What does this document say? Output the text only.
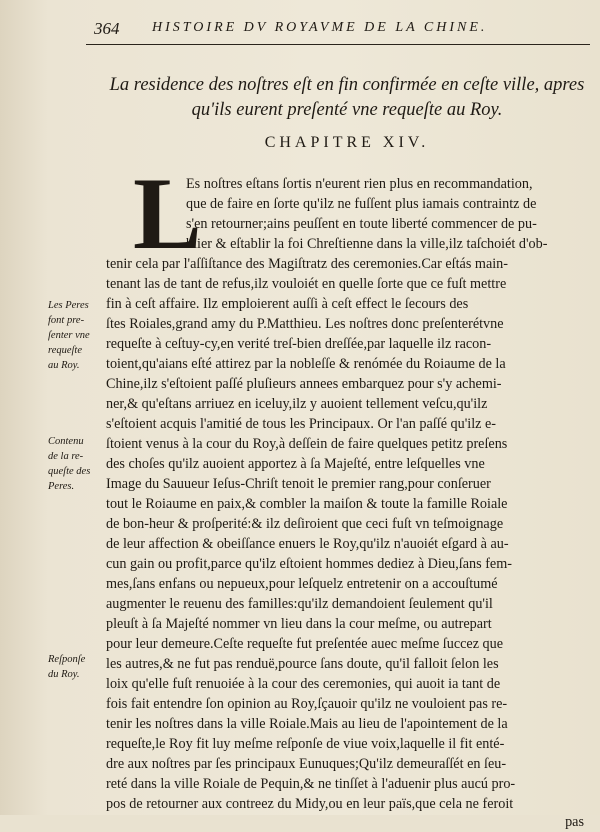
364 HISTOIRE DV ROYAVME DE LA CHINE.
La residence des noſtres eſt en fin confirmée en ceſte ville, apres
qu'ils eurent preſenté vne requeſte au Roy.
CHAPITRE XIV.
L
Es noſtres eſtans ſortis n'eurent rien plus en recommandation,
que de faire en ſorte qu'ilz ne fuſſent plus iamais contraintz de
s'en retourner;ains peuſſent en toute liberté commencer de pu-
blier & eſtablir la foi Chreſtienne dans la ville,ilz taſchoiét d'ob-
tenir cela par l'aſſiſtance des Magiſtratz des ceremonies.Car eſtás main-
tenant las de tant de refus,ilz vouloiét en quelle ſorte que ce fuſt mettre
fin à ceſt affaire. Ilz emploierent auſſi à ceſt effect le ſecours des
ſtes Roiales,grand amy du P.Matthieu. Les noſtres donc preſenterétvne
requeſte à ceſtuy-cy,en verité treſ-bien dreſſée,par laquelle ilz racon-
toient,qu'aians eſté attirez par la nobleſſe & renómée du Roiaume de la
Chine,ilz s'eſtoient paſſé pluſieurs annees embarquez pour s'y achemi-
ner,& qu'eſtans arriuez en iceluy,ilz y auoient tellement veſcu,qu'ilz
s'eſtoient acquis l'amitié de tous les Principaux. Or l'an paſſé qu'ilz e-
ſtoient venus à la cour du Roy,à deſſein de faire quelques petitz preſens
des choſes qu'ilz auoient apportez à ſa Majeſté, entre leſquelles vne
Image du Sauueur Ieſus-Chriſt tenoit le premier rang,pour conſeruer
tout le Roiaume en paix,& combler la maiſon & toute la famille Roiale
de bon-heur & proſperité:& ilz deſiroient que ceci fuſt vn teſmoignage
de leur affection & obeiſſance enuers le Roy,qu'ilz n'auoiét eſgard à au-
cun gain ou profit,parce qu'ilz eſtoient hommes dediez à Dieu,ſans fem-
mes,ſans enfans ou nepueux,pour leſquelz entretenir on a accouſtumé
augmenter le reuenu des familles:qu'ilz demandoient ſeulement qu'il
pleuſt à ſa Majeſté nommer vn lieu dans la cour meſme, ou autrepart
pour leur demeure.Ceſte requeſte fut preſentée auec meſme ſuccez que
les autres,& ne fut pas renduë,pource ſans doute, qu'il falloit ſelon les
loix qu'elle fuſt renuoiée à la cour des ceremonies, qui auoit ia tant de
fois fait entendre ſon opinion au Roy,ſçauoir qu'ilz ne vouloient pas re-
tenir les noſtres dans la ville Roiale.Mais au lieu de l'apointement de la
requeſte,le Roy fit luy meſme reſponſe de viue voix,laquelle il fit enté-
dre aux noſtres par ſes principaux Eunuques;Qu'ilz demeuraſſét en ſeu-
reté dans la ville Roiale de Pequin,& ne tinſſet à l'aduenir plus aucú pro-
pos de retourner aux contreez du Midy,ou en leur païs,que cela ne feroit
pas
Les Peres
font pre-
ſenter vne
requeſte
au Roy.
Contenu
de la re-
queſte des
Peres.
Reſponſe
du Roy.
